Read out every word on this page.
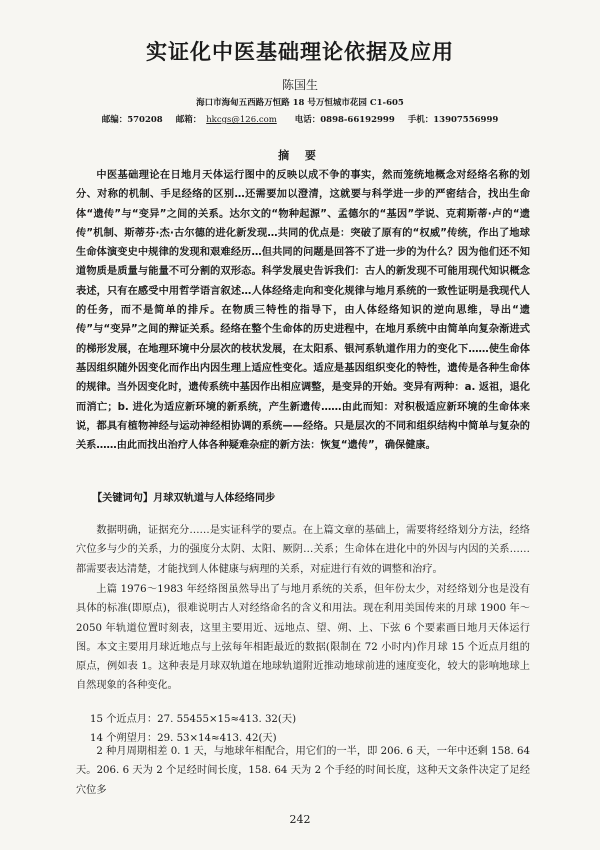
实证化中医基础理论依据及应用
陈国生
海口市海甸五西路万恒路 18 号万恒城市花园 C1-605
邮编：570208 邮箱： hkcgs@126.com 电话：0898-66192999 手机：13907556999
摘 要
中医基础理论在日地月天体运行图中的反映以成不争的事实，然而笼统地概念对经络名称的划分、对称的机制、手足经络的区别…还需要加以澄清，这就要与科学进一步的严密结合，找出生命体“遗传”与“变异”之间的关系。达尔文的“物种起源”、孟德尔的“基因”学说、克莉斯蒂·卢的“遗传”机制、斯蒂芬·杰·古尔德的进化新发现…共同的优点是：突破了原有的“权威”传统，作出了地球生命体演变史中规律的发现和艰难经历…但共同的问题是回答不了进一步的为什么？因为他们还不知道物质是质量与能量不可分割的双形态。科学发展史告诉我们：古人的新发现不可能用现代知识概念表述，只有在感受中用哲学语言叙述…人体经络走向和变化规律与地月系统的一致性证明是我现代人的任务，而不是简单的排斥。在物质三特性的指导下，由人体经络知识的逆向思维，导出“遗传”与“变异”之间的辩证关系。经络在整个生命体的历史进程中，在地月系统中由简单向复杂渐进式的梯形发展，在地理环境中分层次的枝状发展，在太阳系、银河系轨道作用力的变化下……使生命体基因组织随外因变化而作出内因生理上适应性变化。适应是基因组织变化的特性，遗传是各种生命体的规律。当外因变化时，遗传系统中基因作出相应调整，是变异的开始。变异有两种：a. 返祖，退化而消亡；b. 进化为适应新环境的新系统，产生新遗传……由此而知：对积极适应新环境的生命体来说，都具有植物神经与运动神经相协调的系统——经络。只是层次的不同和组织结构中简单与复杂的关系……由此而找出治疗人体各种疑难杂症的新方法：恢复“遗传”，确保健康。
【关键词句】月球双轨道与人体经络同步
数据明确，证据充分……是实证科学的要点。在上篇文章的基础上，需要将经络划分方法，经络穴位多与少的关系，力的强度分太阴、太阳、厥阴…关系；生命体在进化中的外因与内因的关系……都需要表达清楚，才能找到人体健康与病理的关系，对症进行有效的调整和治疗。
上篇 1976～1983 年经络图虽然导出了与地月系统的关系，但年份太少，对经络划分也是没有具体的标准(即原点)，很难说明古人对经络命名的含义和用法。现在利用美国传来的月球 1900 年～2050 年轨道位置时刻表，这里主要用近、远地点、望、朔、上、下弦 6 个要素画日地月天体运行图。本文主要用月球近地点与上弦每年相距最近的数据(限制在 72 小时内)作月球 15 个近点月组的原点，例如表 1。这种表是月球双轨道在地球轨道附近推动地球前进的速度变化，较大的影响地球上自然现象的各种变化。
15 个近点月：27. 55455×15≈413. 32(天)
14 个朔望月：29. 53×14≈413. 42(天)
2 种月周期相差 0. 1 天，与地球年相配合，用它们的一半，即 206. 6 天，一年中还剩 158. 64 天。206. 6 天为 2 个足经时间长度，158. 64 天为 2 个手经的时间长度，这种天文条件决定了足经穴位多
242
